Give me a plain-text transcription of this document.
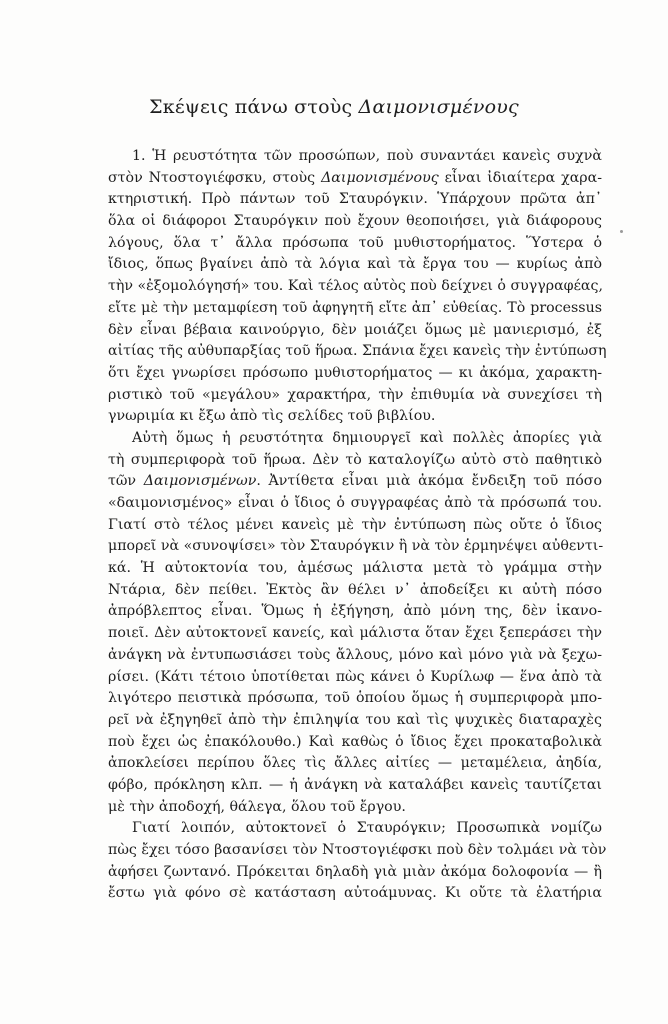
Σκέψεις πάνω στοὺς Δαιμονισμένους
1. Ἡ ρευστότητα τῶν προσώπων, ποὺ συναντάει κανεὶς συχνὰ
στὸν Ντοστογιέφσκυ, στοὺς Δαιμονισμένους εἶναι ἰδιαίτερα χαρα-
κτηριστική. Πρὸ πάντων τοῦ Σταυρόγκιν. Ὑπάρχουν πρῶτα ἀπ᾽
ὅλα οἱ διάφοροι Σταυρόγκιν ποὺ ἔχουν θεοποιήσει, γιὰ διάφορους
λόγους, ὅλα τ᾽ ἄλλα πρόσωπα τοῦ μυθιστορήματος. Ὕστερα ὁ
ἴδιος, ὅπως βγαίνει ἀπὸ τὰ λόγια καὶ τὰ ἔργα του — κυρίως ἀπὸ
τὴν «ἐξομολόγησή» του. Καὶ τέλος αὐτὸς ποὺ δείχνει ὁ συγγραφέας,
εἴτε μὲ τὴν μεταμφίεση τοῦ ἀφηγητῆ εἴτε ἀπ᾽ εὐθείας. Τὸ processus
δὲν εἶναι βέβαια καινούργιο, δὲν μοιάζει ὅμως μὲ μανιερισμό, ἐξ
αἰτίας τῆς αὐθυπαρξίας τοῦ ἥρωα. Σπάνια ἔχει κανεὶς τὴν ἐντύπωση
ὅτι ἔχει γνωρίσει πρόσωπο μυθιστορήματος — κι ἀκόμα, χαρακτη-
ριστικὸ τοῦ «μεγάλου» χαρακτήρα, τὴν ἐπιθυμία νὰ συνεχίσει τὴ
γνωριμία κι ἔξω ἀπὸ τὶς σελίδες τοῦ βιβλίου.
Αὐτὴ ὅμως ἡ ρευστότητα δημιουργεῖ καὶ πολλὲς ἀπορίες γιὰ
τὴ συμπεριφορὰ τοῦ ἥρωα. Δὲν τὸ καταλογίζω αὐτὸ στὸ παθητικὸ
τῶν Δαιμονισμένων. Ἀντίθετα εἶναι μιὰ ἀκόμα ἔνδειξη τοῦ πόσο
«δαιμονισμένος» εἶναι ὁ ἴδιος ὁ συγγραφέας ἀπὸ τὰ πρόσωπά του.
Γιατί στὸ τέλος μένει κανεὶς μὲ τὴν ἐντύπωση πὼς οὔτε ὁ ἴδιος
μπορεῖ νὰ «συνοψίσει» τὸν Σταυρόγκιν ἢ νὰ τὸν ἑρμηνέψει αὐθεντι-
κά. Ἡ αὐτοκτονία του, ἀμέσως μάλιστα μετὰ τὸ γράμμα στὴν
Ντάρια, δὲν πείθει. Ἐκτὸς ἂν θέλει ν᾽ ἀποδείξει κι αὐτὴ πόσο
ἀπρόβλεπτος εἶναι. Ὅμως ἡ ἐξήγηση, ἀπὸ μόνη της, δὲν ἱκανο-
ποιεῖ. Δὲν αὐτοκτονεῖ κανείς, καὶ μάλιστα ὅταν ἔχει ξεπεράσει τὴν
ἀνάγκη νὰ ἐντυπωσιάσει τοὺς ἄλλους, μόνο καὶ μόνο γιὰ νὰ ξεχω-
ρίσει. (Κάτι τέτοιο ὑποτίθεται πὼς κάνει ὁ Κυρίλωφ — ἕνα ἀπὸ τὰ
λιγότερο πειστικὰ πρόσωπα, τοῦ ὁποίου ὅμως ἡ συμπεριφορὰ μπο-
ρεῖ νὰ ἐξηγηθεῖ ἀπὸ τὴν ἐπιληψία του καὶ τὶς ψυχικὲς διαταραχὲς
ποὺ ἔχει ὡς ἐπακόλουθο.) Καὶ καθὼς ὁ ἴδιος ἔχει προκαταβολικὰ
ἀποκλείσει περίπου ὅλες τὶς ἄλλες αἰτίες — μεταμέλεια, ἀηδία,
φόβο, πρόκληση κλπ. — ἡ ἀνάγκη νὰ καταλάβει κανεὶς ταυτίζεται
μὲ τὴν ἀποδοχή, θάλεγα, ὅλου τοῦ ἔργου.
Γιατί λοιπόν, αὐτοκτονεῖ ὁ Σταυρόγκιν; Προσωπικὰ νομίζω
πὼς ἔχει τόσο βασανίσει τὸν Ντοστογιέφσκι ποὺ δὲν τολμάει νὰ τὸν
ἀφήσει ζωντανό. Πρόκειται δηλαδὴ γιὰ μιὰν ἀκόμα δολοφονία — ἢ
ἔστω γιὰ φόνο σὲ κατάσταση αὐτοάμυνας. Κι οὔτε τὰ ἐλατήρια
